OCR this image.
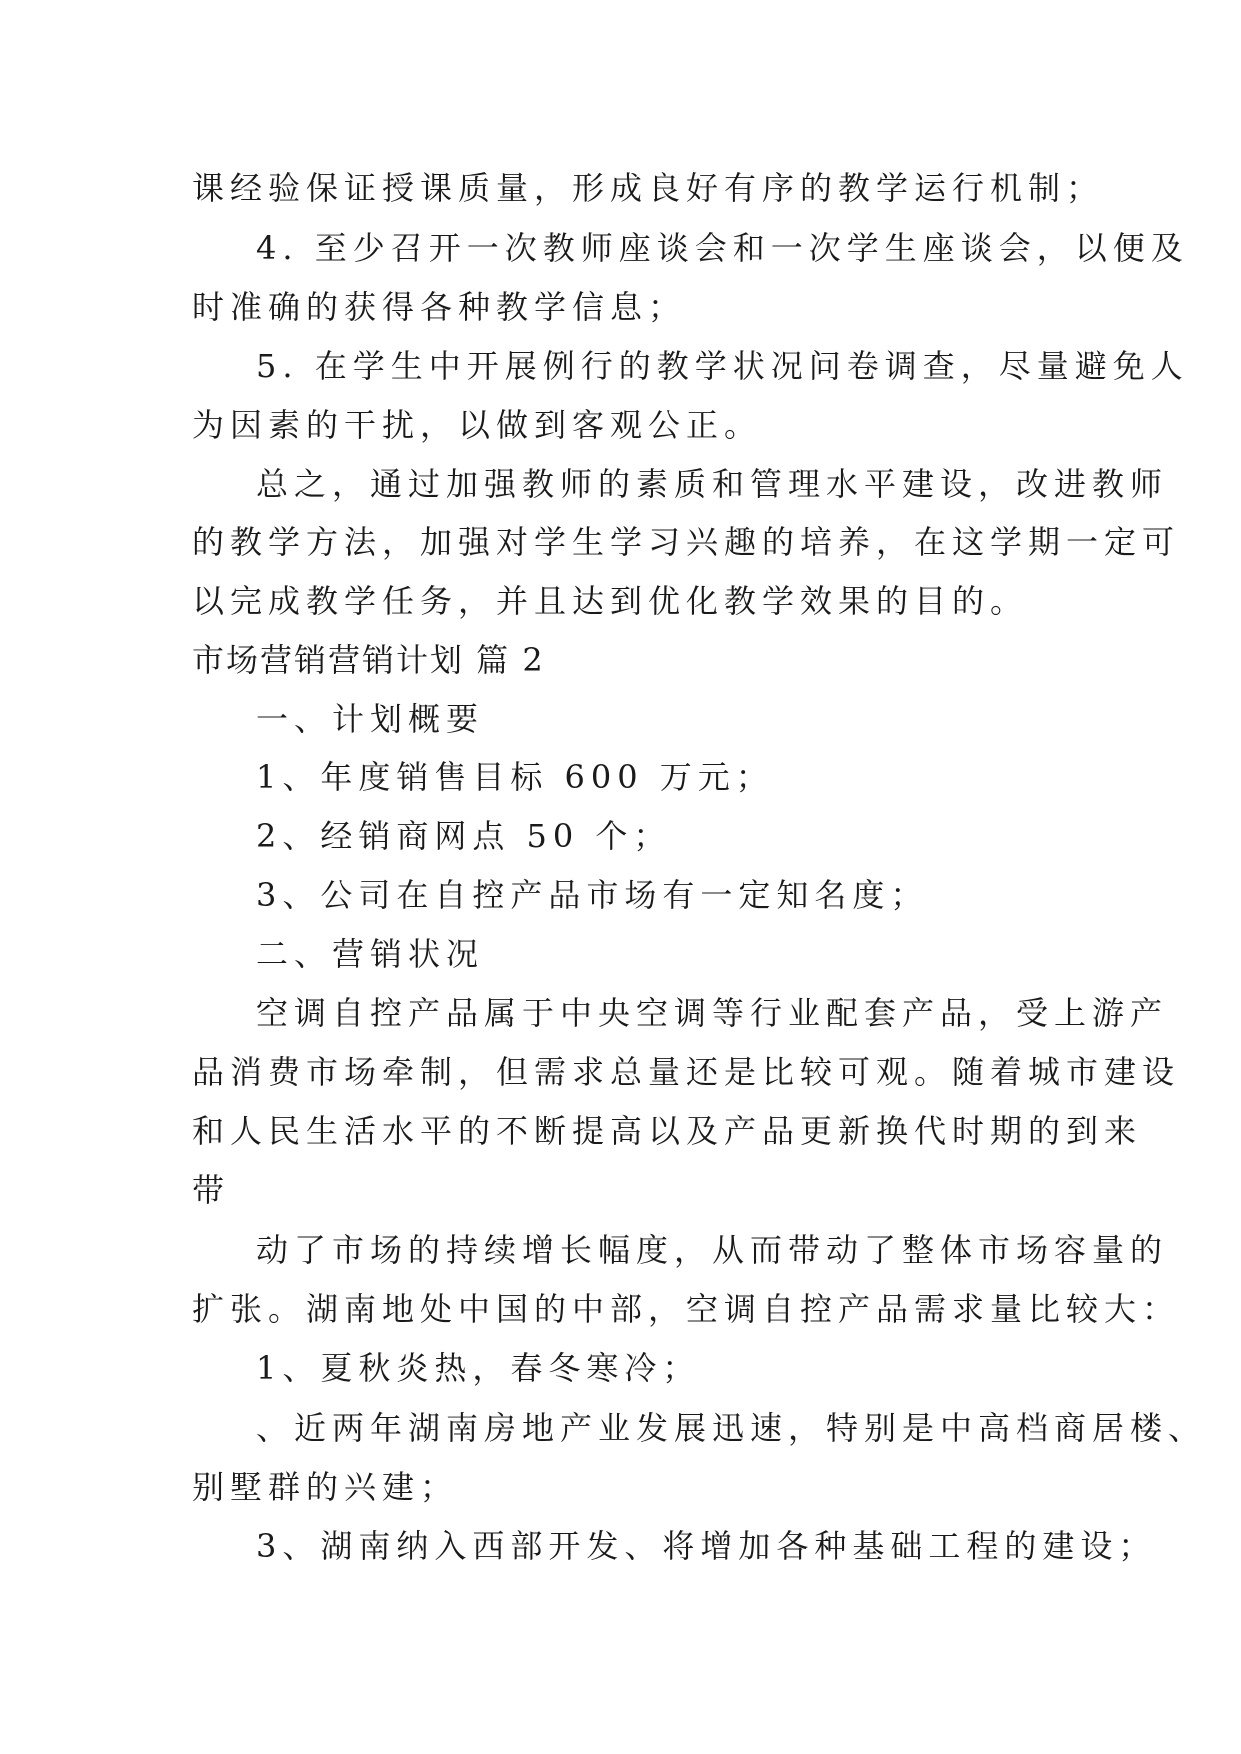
课经验保证授课质量，形成良好有序的教学运行机制；
4. 至少召开一次教师座谈会和一次学生座谈会，以便及
时准确的获得各种教学信息；
5. 在学生中开展例行的教学状况问卷调查，尽量避免人
为因素的干扰，以做到客观公正。
总之，通过加强教师的素质和管理水平建设，改进教师
的教学方法，加强对学生学习兴趣的培养，在这学期一定可
以完成教学任务，并且达到优化教学效果的目的。
市场营销营销计划 篇 2
一、计划概要
1、年度销售目标 600 万元；
2、经销商网点 50 个；
3、公司在自控产品市场有一定知名度；
二、营销状况
空调自控产品属于中央空调等行业配套产品，受上游产
品消费市场牵制，但需求总量还是比较可观。随着城市建设
和人民生活水平的不断提高以及产品更新换代时期的到来
带
动了市场的持续增长幅度，从而带动了整体市场容量的
扩张。湖南地处中国的中部，空调自控产品需求量比较大：
1、夏秋炎热，春冬寒冷；
、近两年湖南房地产业发展迅速，特别是中高档商居楼、
别墅群的兴建；
3、湖南纳入西部开发、将增加各种基础工程的建设；
